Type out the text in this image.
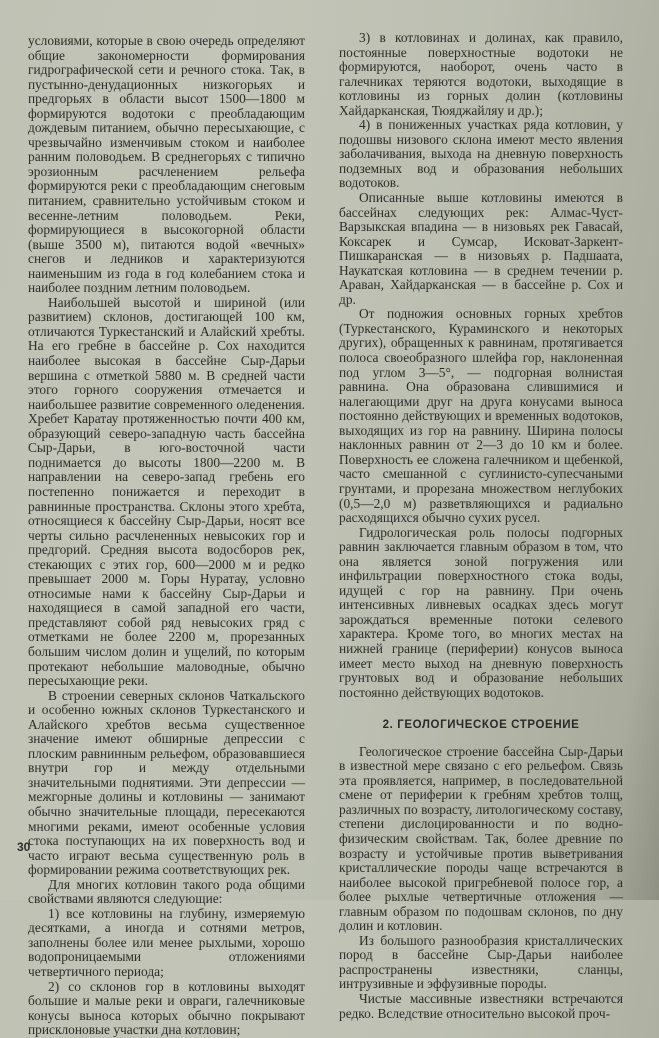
условиями, которые в свою очередь определяют общие закономерности формирования гидрографической сети и речного стока. Так, в пустынно-денудационных низкогорьях и предгорьях в области высот 1500—1800 м формируются водотоки с преобладающим дождевым питанием, обычно пересыхающие, с чрезвычайно изменчивым стоком и наиболее ранним половодьем. В среднегорьях с типично эрозионным расчленением рельефа формируются реки с преобладающим снеговым питанием, сравнительно устойчивым стоком и весенне-летним половодьем. Реки, формирующиеся в высокогорной области (выше 3500 м), питаются водой «вечных» снегов и ледников и характеризуются наименьшим из года в год колебанием стока и наиболее поздним летним половодьем.

Наибольшей высотой и шириной (или развитием) склонов, достигающей 100 км, отличаются Туркестанский и Алайский хребты. На его гребне в бассейне р. Сох находится наиболее высокая в бассейне Сыр-Дарьи вершина с отметкой 5880 м. В средней части этого горного сооружения отмечается и наибольшее развитие современного оледенения. Хребет Каратау протяженностью почти 400 км, образующий северо-западную часть бассейна Сыр-Дарьи, в юго-восточной части поднимается до высоты 1800—2200 м. В направлении на северо-запад гребень его постепенно понижается и переходит в равнинные пространства. Склоны этого хребта, относящиеся к бассейну Сыр-Дарьи, носят все черты сильно расчлененных невысоких гор и предгорий. Средняя высота водосборов рек, стекающих с этих гор, 600—2000 м и редко превышает 2000 м. Горы Нуратау, условно относимые нами к бассейну Сыр-Дарьи и находящиеся в самой западной его части, представляют собой ряд невысоких гряд с отметками не более 2200 м, прорезанных большим числом долин и ущелий, по которым протекают небольшие маловодные, обычно пересыхающие реки.

В строении северных склонов Чаткальского и особенно южных склонов Туркестанского и Алайского хребтов весьма существенное значение имеют обширные депрессии с плоским равнинным рельефом, образовавшиеся внутри гор и между отдельными значительными поднятиями. Эти депрессии — межгорные долины и котловины — занимают обычно значительные площади, пересекаются многими реками, имеют особенные условия стока поступающих на их поверхность вод и часто играют весьма существенную роль в формировании режима соответствующих рек.

Для многих котловин такого рода общими свойствами являются следующие:

1) все котловины на глубину, измеряемую десятками, а иногда и сотнями метров, заполнены более или менее рыхлыми, хорошо водопроницаемыми отложениями четвертичного периода;

2) со склонов гор в котловины выходят большие и малые реки и овраги, галечниковые конусы выноса которых обычно покрывают присклоновые участки дна котловин;

3) в котловинах и долинах, как правило, постоянные поверхностные водотоки не формируются, наоборот, очень часто в галечниках теряются водотоки, выходящие в котловины из горных долин (котловины Хайдарканская, Тюяджайляу и др.);

4) в пониженных участках ряда котловин, у подошвы низового склона имеют место явления заболачивания, выхода на дневную поверхность подземных вод и образования небольших водотоков.

Описанные выше котловины имеются в бассейнах следующих рек: Алмас-Чуст-Варзыкская впадина — в низовьях рек Гавасай, Коксарек и Сумсар, Исковат-Заркент-Пишкаранская — в низовьях р. Падшаата, Наукатская котловина — в среднем течении р. Араван, Хайдарканская — в бассейне р. Сох и др.

От подножия основных горных хребтов (Туркестанского, Кураминского и некоторых других), обращенных к равнинам, протягивается полоса своеобразного шлейфа гор, наклоненная под углом 3—5°, — подгорная волнистая равнина. Она образована слившимися и налегающими друг на друга конусами выноса постоянно действующих и временных водотоков, выходящих из гор на равнину. Ширина полосы наклонных равнин от 2—3 до 10 км и более. Поверхность ее сложена галечником и щебенкой, часто смешанной с суглинисто-супесчаными грунтами, и прорезана множеством неглубоких (0,5—2,0 м) разветвляющихся и радиально расходящихся обычно сухих русел.

Гидрологическая роль полосы подгорных равнин заключается главным образом в том, что она является зоной погружения или инфильтрации поверхностного стока воды, идущей с гор на равнину. При очень интенсивных ливневых осадках здесь могут зарождаться временные потоки селевого характера. Кроме того, во многих местах на нижней границе (периферии) конусов выноса имеет место выход на дневную поверхность грунтовых вод и образование небольших постоянно действующих водотоков.

2. ГЕОЛОГИЧЕСКОЕ СТРОЕНИЕ

Геологическое строение бассейна Сыр-Дарьи в известной мере связано с его рельефом. Связь эта проявляется, например, в последовательной смене от периферии к гребням хребтов толщ, различных по возрасту, литологическому составу, степени дислоцированности и по водно-физическим свойствам. Так, более древние по возрасту и устойчивые против выветривания кристаллические породы чаще встречаются в наиболее высокой пригребневой полосе гор, а более рыхлые четвертичные отложения — главным образом по подошвам склонов, по дну долин и котловин.

Из большого разнообразия кристаллических пород в бассейне Сыр-Дарьи наиболее распространены известняки, сланцы, интрузивные и эффузивные породы.

Чистые массивные известняки встречаются редко. Вследствие относительно высокой проч-

30
